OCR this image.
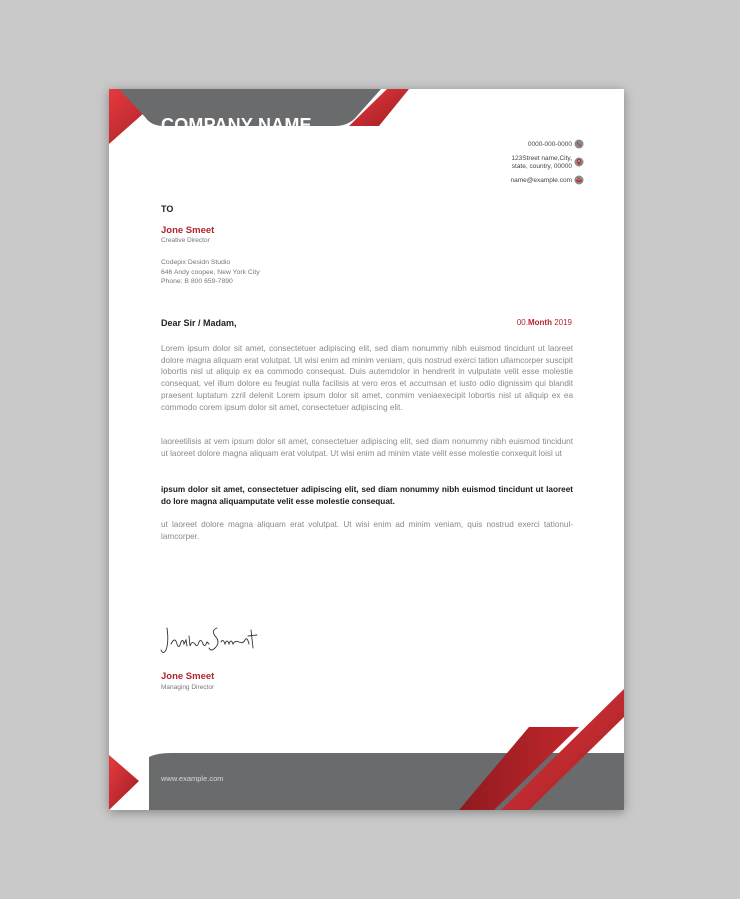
COMPANY NAME
0000-000-0000
123Street name,City,
state, country, 00000
name@example.com
TO
Jone Smeet
Creative Director
Codepix Desidn Studio
646 Andy coopee, New York City
Phone: B 800 659-7890
Dear Sir / Madam,	00.Month 2019
Lorem ipsum dolor sit amet, consectetuer adipiscing elit, sed diam nonummy nibh euismod tincidunt ut laoreet dolore magna aliquam erat volutpat. Ut wisi enim ad minim veniam, quis nostrud exerci tation ullamcorper suscipit lobortis nisl ut aliquip ex ea commodo consequat. Duis autemdolor in hendrerit in vulputate velit esse molestie consequat, vel illum dolore eu feugiat nulla facilisis at vero eros et accumsan et iusto odio dignissim qui blandit praesent luptatum zzril delenit Lorem ipsum dolor sit amet, conmim veniaexecipit lobortis nisl ut aliquip ex ea commodo corem ipsum dolor sit amet, consectetuer adipiscing elit.
laoreetilisis at vem ipsum dolor sit amet, consectetuer adipiscing elit, sed diam nonummy nibh euismod tincidunt ut laoreet dolore magna aliquam erat volutpat. Ut wisi enim ad minim vtate velit esse molestie conxequit loisl ut
ipsum dolor sit amet, consectetuer adipiscing elit, sed diam nonummy nibh euismod tincidunt ut laoreet do lore magna aliquamputate velit esse molestie consequat.
ut laoreet dolore magna aliquam erat volutpat. Ut wisi enim ad minim veniam, quis nostrud exerci tationul-lamcorper.
Jone Smeet
Managing Director
www.example.com
